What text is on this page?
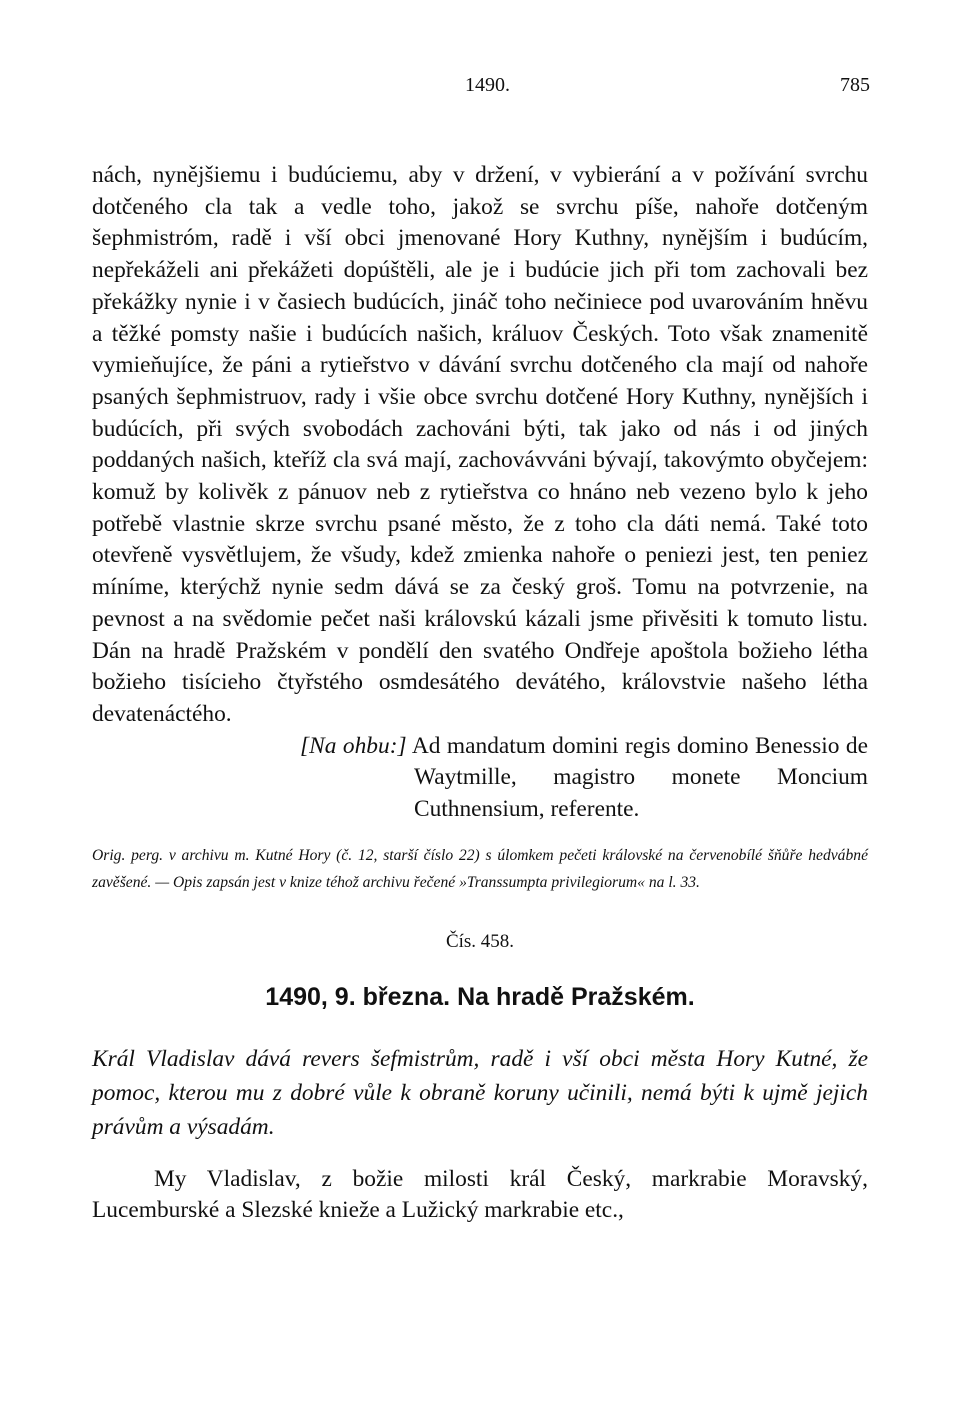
1490.	785

nách, nynějšiemu i budúciemu, aby v držení, v vybierání a v požívání svrchu dotčeného cla tak a vedle toho, jakož se svrchu píše, nahoře dotčeným šephmistróm, radě i vší obci jmenované Hory Kuthny, nynějším i budúcím, nepřekáželi ani překážeti dopúštěli, ale je i budúcie jich při tom zachovali bez překážky nynie i v časiech budúcích, jináč toho nečiniece pod uvarováním hněvu a těžké pomsty našie i budúcích našich, králuov Českých. Toto však znamenitě vymieňujíce, že páni a rytieřstvo v dávání svrchu dotčeného cla mají od nahoře psaných šephmistruov, rady i všie obce svrchu dotčené Hory Kuthny, nynějších i budúcích, při svých svobodách zachováni býti, tak jako od nás i od jiných poddaných našich, kteříž cla svá mají, zachovávváni bývají, takovýmto obyčejem: komuž by kolivěk z pánuov neb z rytieřstva co hnáno neb vezeno bylo k jeho potřebě vlastnie skrze svrchu psané město, že z toho cla dáti nemá. Také toto otevřeně vysvětlujem, že všudy, kdež zmienka nahoře o peniezi jest, ten peniez míníme, kterýchž nynie sedm dává se za český groš. Tomu na potvrzenie, na pevnost a na svědomie pečet naši královskú kázali jsme přivěsiti k tomuto listu. Dán na hradě Pražském v pondělí den svatého Ondřeje apoštola božieho létha božieho tisícieho čtyřstého osmdesátého devátého, královstvie našeho létha devatenáctého.

[Na ohbu:] Ad mandatum domini regis domino Benessio de Waytmille, magistro monete Moncium Cuthnensium, referente.
Orig. perg. v archivu m. Kutné Hory (č. 12, starší číslo 22) s úlomkem pečeti královské na červenobílé šňůře hedvábné zavěšené. — Opis zapsán jest v knize téhož archivu řečené »Transsumpta privilegiorum« na l. 33.
Čís. 458.
1490, 9. března. Na hradě Pražském.
Král Vladislav dává revers šefmistrům, radě i vší obci města Hory Kutné, že pomoc, kterou mu z dobré vůle k obraně koruny učinili, nemá býti k ujmě jejich právům a výsadám.
My Vladislav, z božie milosti král Český, markrabie Moravský, Lucemburské a Slezské knieže a Lužický markrabie etc.,
